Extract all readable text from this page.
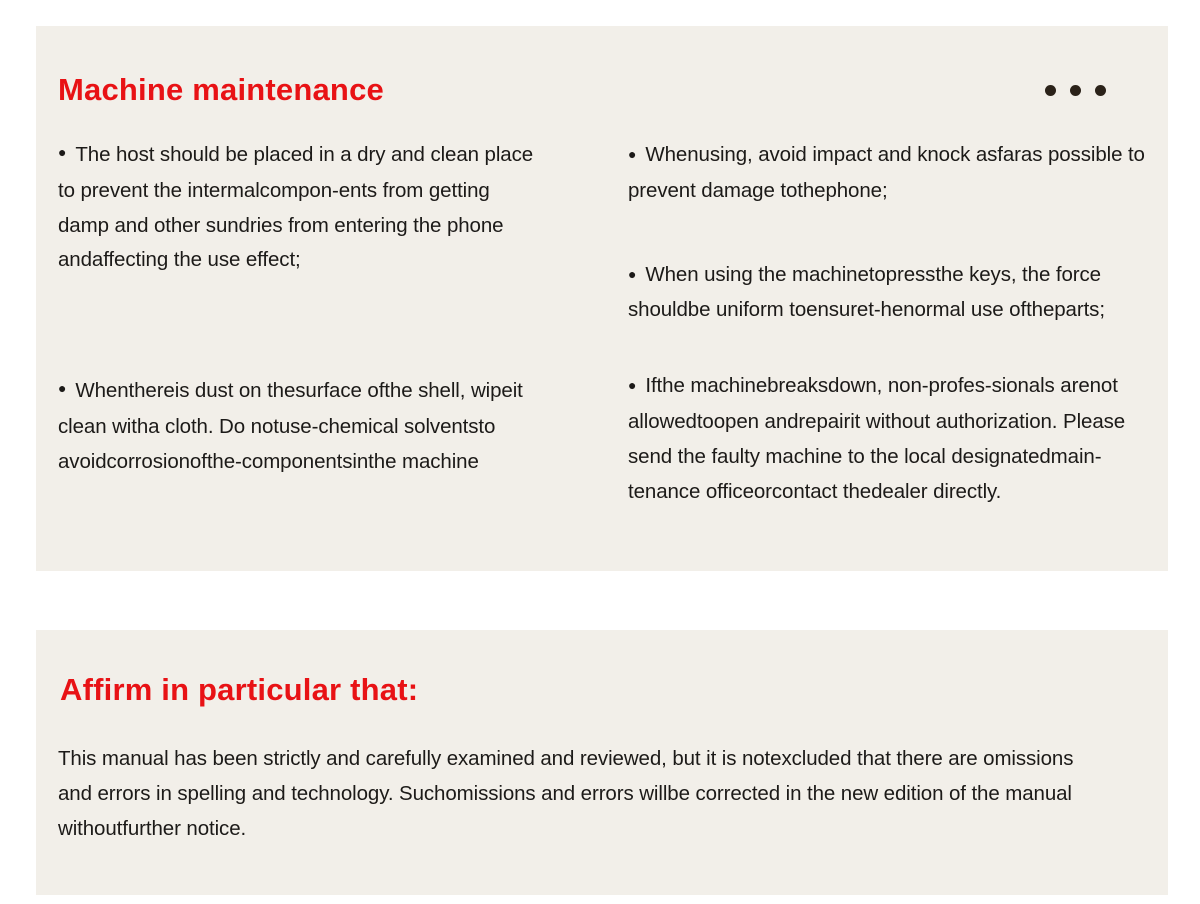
Machine maintenance

● The host should be placed in a dry and clean place to prevent the intermalcompon-ents from getting damp and other sundries from entering the phone andaffecting the use effect;

● Whenthereis dust on thesurface ofthe shell, wipeit clean witha cloth. Do notuse-chemical solventsto avoidcorrosionofthe-componentsinthe machine

● Whenusing, avoid impact and knock asfaras possible to prevent damage tothephone;

● When using the machinetopressthe keys, the force shouldbe uniform toensuret-henormal use oftheparts;

● Ifthe machinebreaksdown, non-profes-sionals arenot allowedtoopen andrepairit without authorization. Please send the faulty machine to the local designatedmain-tenance officeorcontact thedealer directly.

Affirm in particular that:

This manual has been strictly and carefully examined and reviewed, but it is notexcluded that there are omissions and errors in spelling and technology. Suchomissions and errors willbe corrected in the new edition of the manual withoutfurther notice.
